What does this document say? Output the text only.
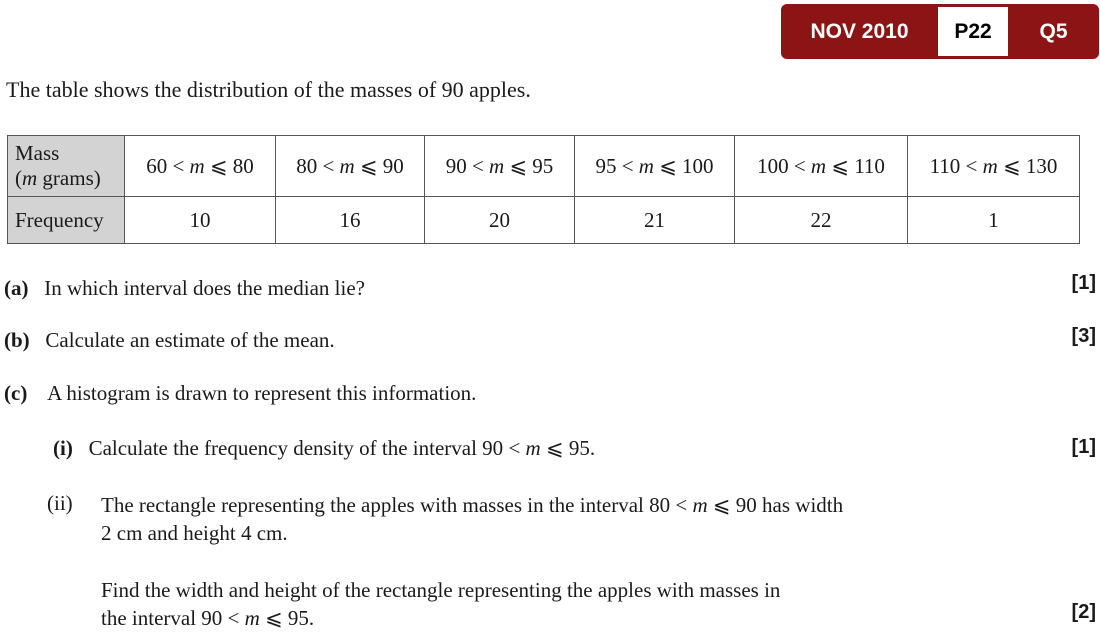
NOV 2010	P22	Q5
The table shows the distribution of the masses of 90 apples.
Mass
(m grams)	60 < m ⩽ 80	80 < m ⩽ 90	90 < m ⩽ 95	95 < m ⩽ 100	100 < m ⩽ 110	110 < m ⩽ 130
Frequency	10	16	20	21	22	1
(a) In which interval does the median lie?	[1]
(b) Calculate an estimate of the mean.	[3]
(c) A histogram is drawn to represent this information.
(i) Calculate the frequency density of the interval 90 < m ⩽ 95.	[1]
(ii) The rectangle representing the apples with masses in the interval 80 < m ⩽ 90 has width
2 cm and height 4 cm.
Find the width and height of the rectangle representing the apples with masses in
the interval 90 < m ⩽ 95.	[2]
